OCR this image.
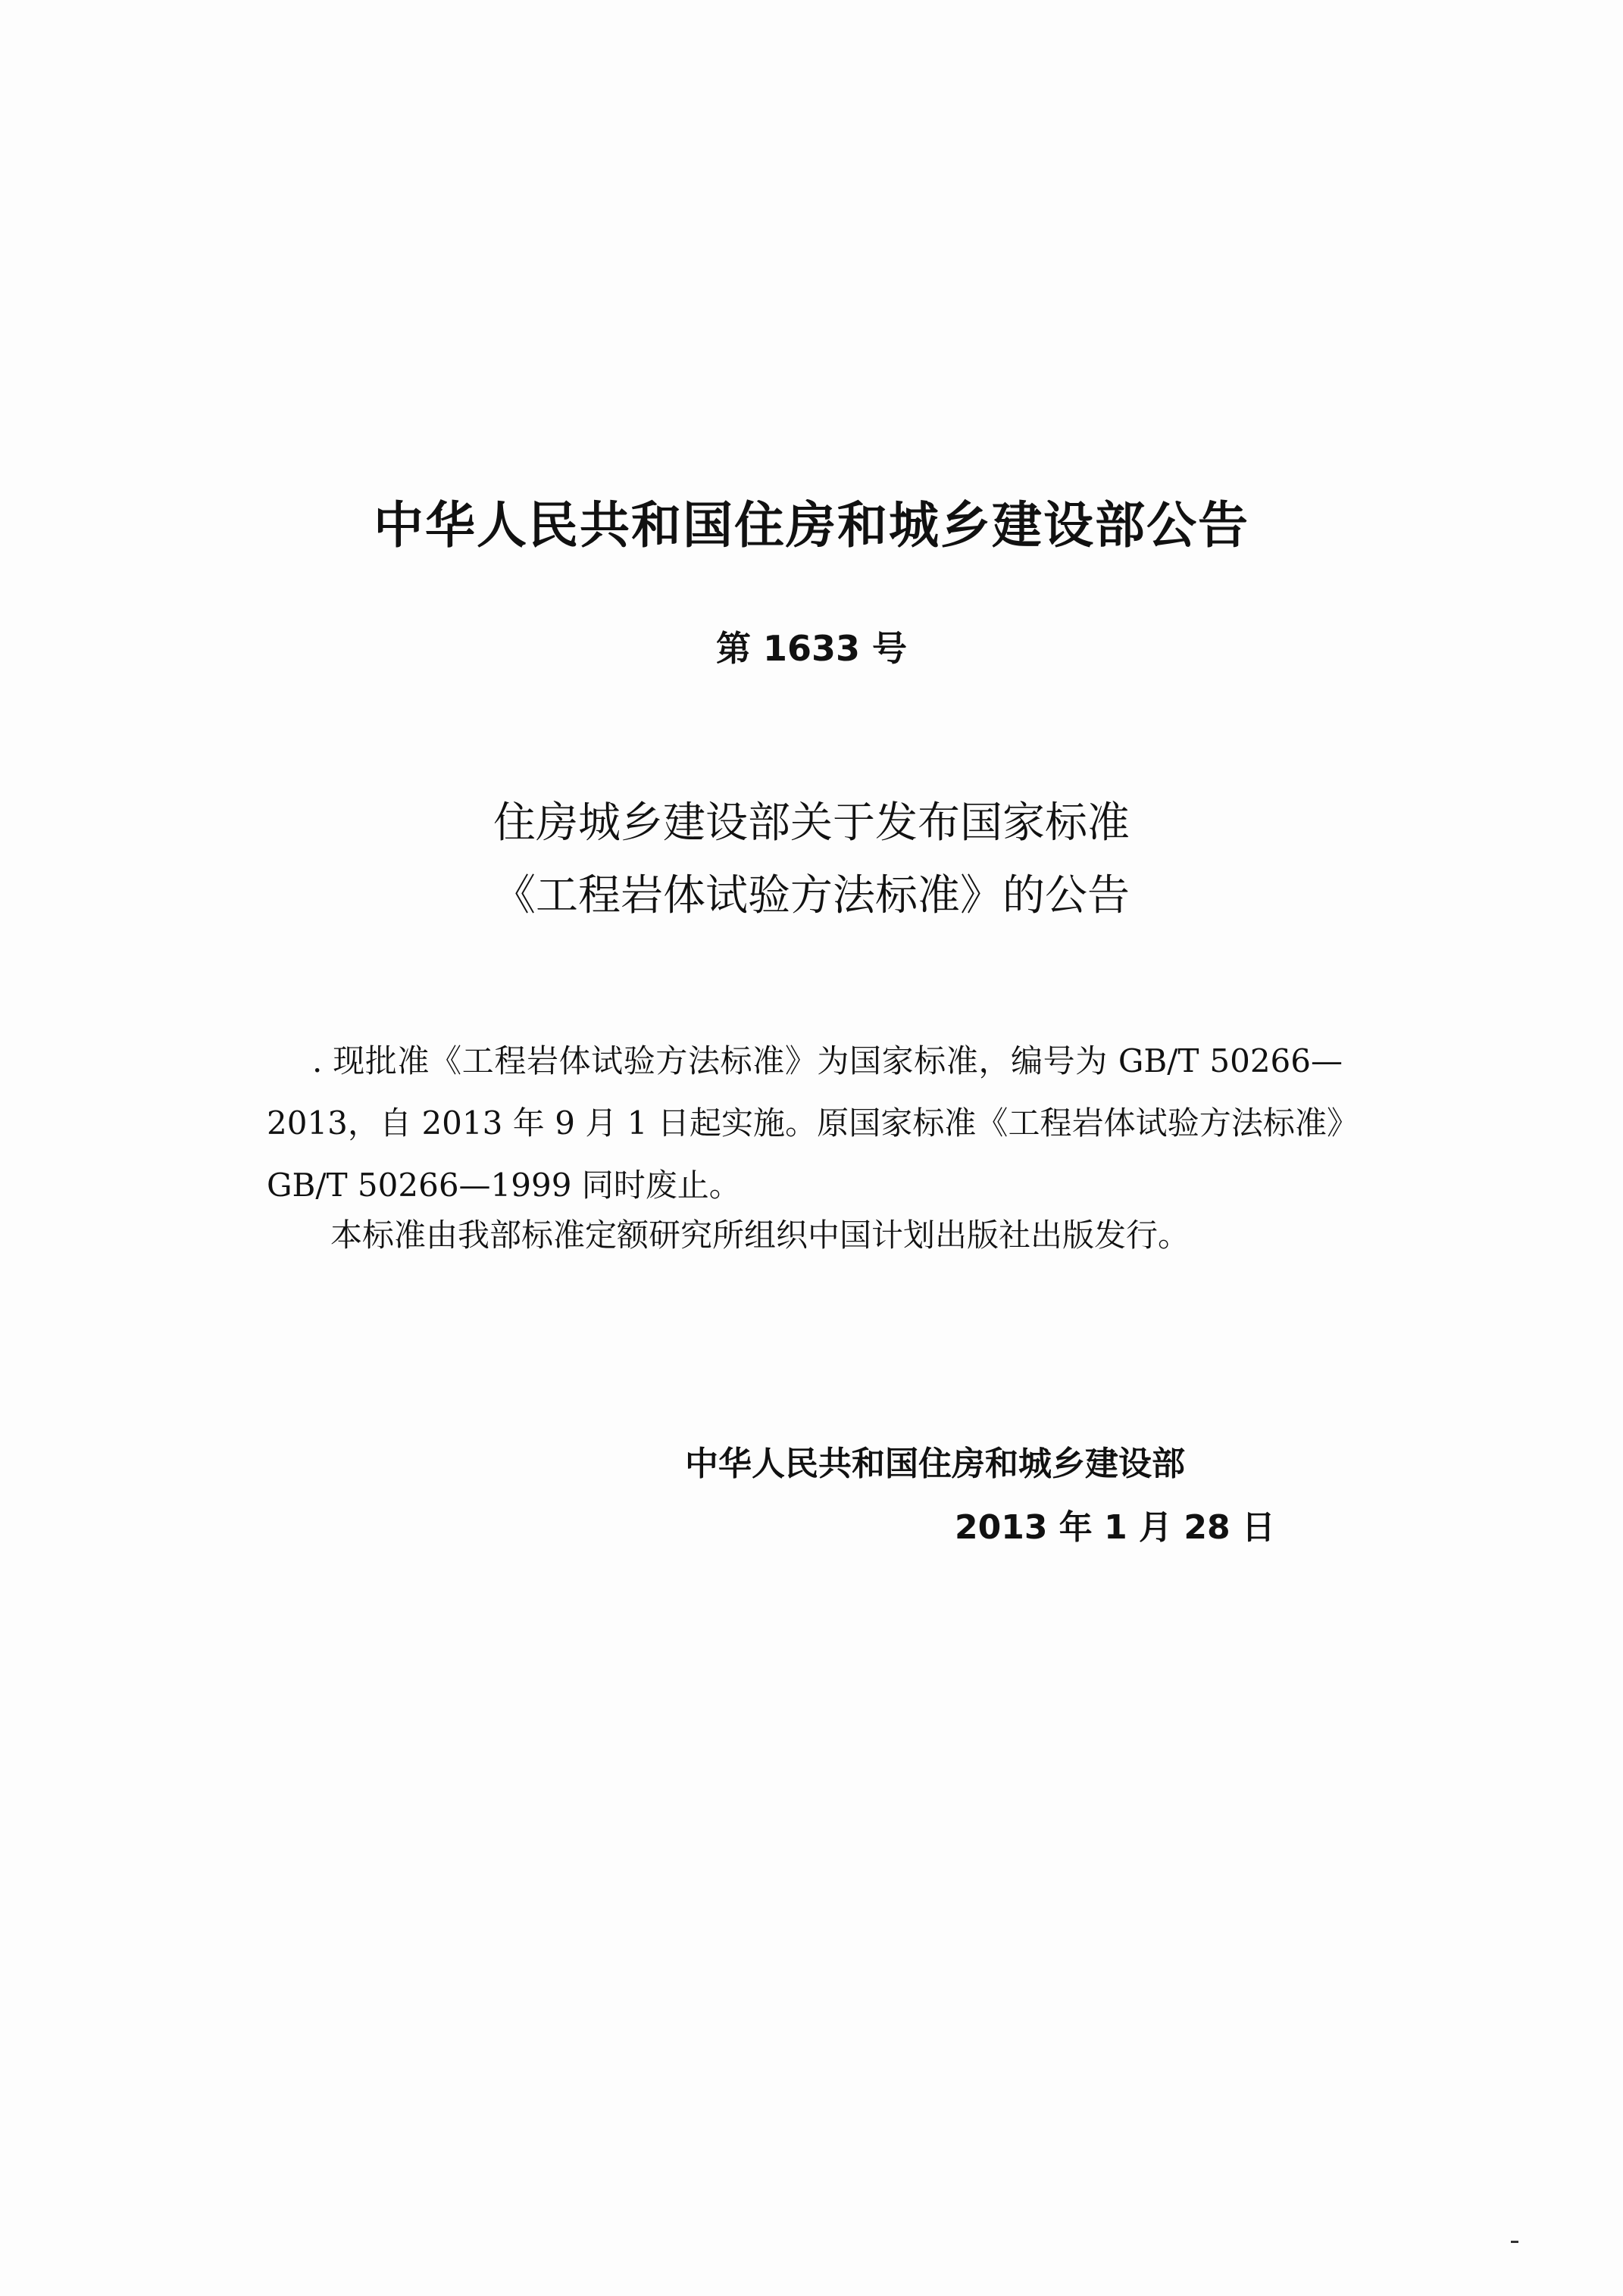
中华人民共和国住房和城乡建设部公告
第 1633 号
住房城乡建设部关于发布国家标准
《工程岩体试验方法标准》的公告
. 现批准《工程岩体试验方法标准》为国家标准，编号为 GB/T 50266—2013，自 2013 年 9 月 1 日起实施。原国家标准《工程岩体试验方法标准》GB/T 50266—1999 同时废止。
本标准由我部标准定额研究所组织中国计划出版社出版发行。
中华人民共和国住房和城乡建设部
2013 年 1 月 28 日
